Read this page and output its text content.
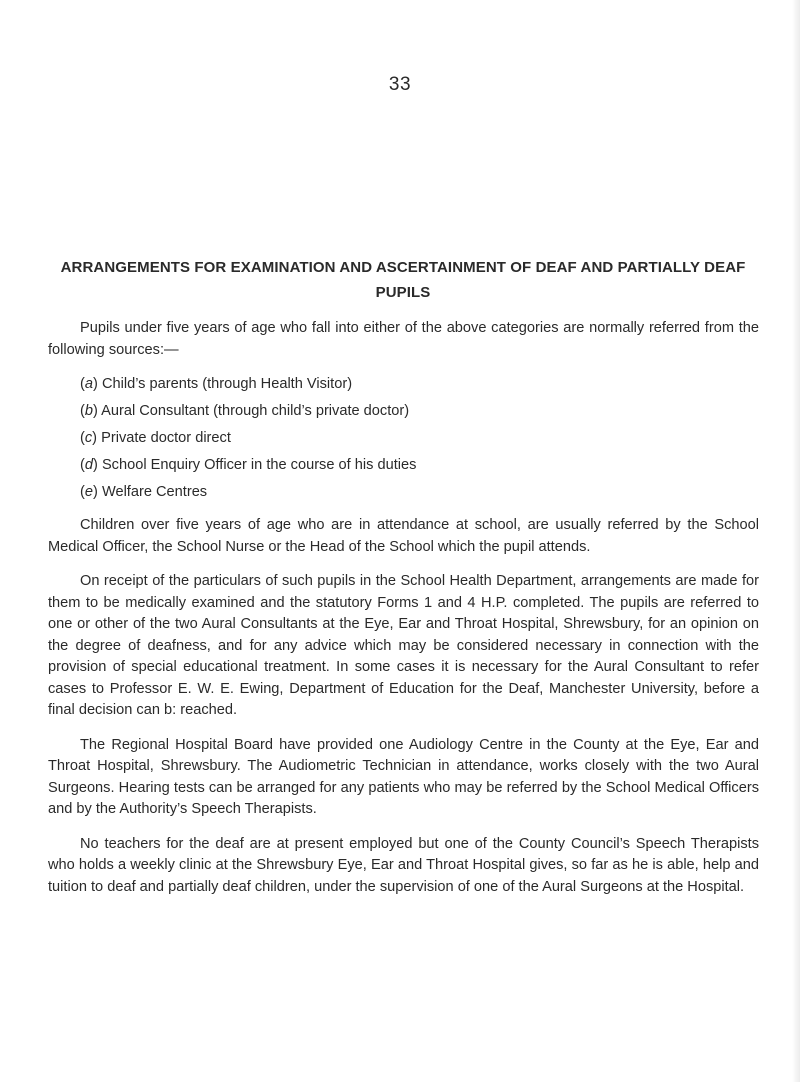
33
ARRANGEMENTS FOR EXAMINATION AND ASCERTAINMENT OF DEAF AND PARTIALLY DEAF
PUPILS

Pupils under five years of age who fall into either of the above categories are normally referred from the following sources:—

(a) Child’s parents (through Health Visitor)
(b) Aural Consultant (through child’s private doctor)
(c) Private doctor direct
(d) School Enquiry Officer in the course of his duties
(e) Welfare Centres

Children over five years of age who are in attendance at school, are usually referred by the School Medical Officer, the School Nurse or the Head of the School which the pupil attends.

On receipt of the particulars of such pupils in the School Health Department, arrangements are made for them to be medically examined and the statutory Forms 1 and 4 H.P. completed. The pupils are referred to one or other of the two Aural Consultants at the Eye, Ear and Throat Hospital, Shrewsbury, for an opinion on the degree of deafness, and for any advice which may be considered necessary in connection with the provision of special educational treatment. In some cases it is necessary for the Aural Consultant to refer cases to Professor E. W. E. Ewing, Department of Education for the Deaf, Manchester University, before a final decision can b: reached.

The Regional Hospital Board have provided one Audiology Centre in the County at the Eye, Ear and Throat Hospital, Shrewsbury. The Audiometric Technician in attendance, works closely with the two Aural Surgeons. Hearing tests can be arranged for any patients who may be referred by the School Medical Officers and by the Authority’s Speech Therapists.

No teachers for the deaf are at present employed but one of the County Council’s Speech Therapists who holds a weekly clinic at the Shrewsbury Eye, Ear and Throat Hospital gives, so far as he is able, help and tuition to deaf and partially deaf children, under the supervision of one of the Aural Surgeons at the Hospital.
